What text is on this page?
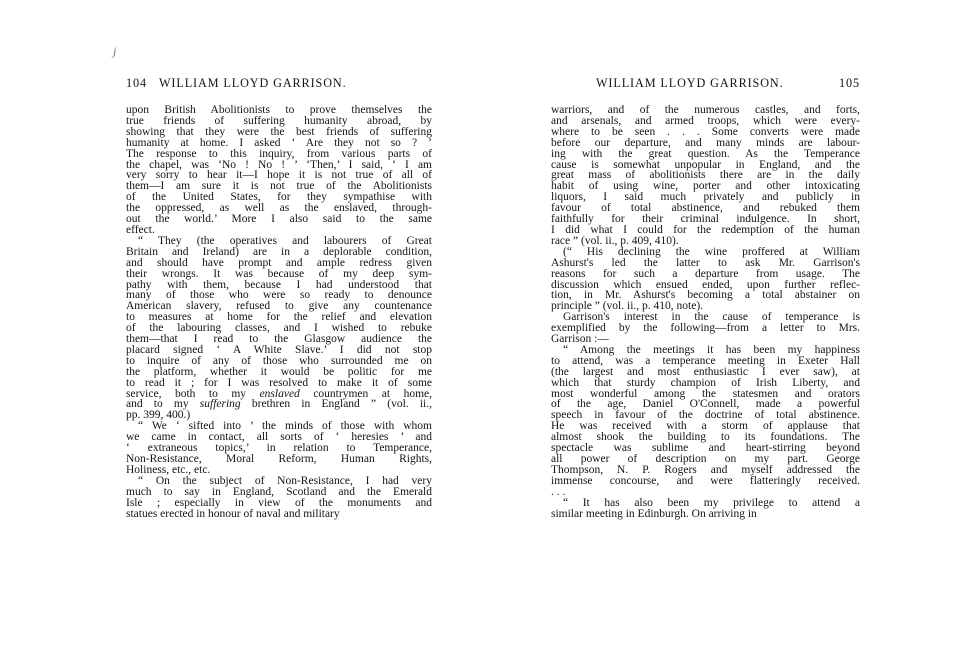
j
104 WILLIAM LLOYD GARRISON.

upon British Abolitionists to prove themselves the
true friends of suffering humanity abroad, by
showing that they were the best friends of suffering
humanity at home. I asked ‘ Are they not so ? ’
The response to this inquiry, from various parts of
the chapel, was ‘No ! No ! ’ ‘Then,’ I said, ‘ I am
very sorry to hear it—I hope it is not true of all of
them—I am sure it is not true of the Abolitionists
of the United States, for they sympathise with
the oppressed, as well as the enslaved, through-
out the world.’ More I also said to the same
effect.

“ They (the operatives and labourers of Great
Britain and Ireland) are in a deplorable condition,
and should have prompt and ample redress given
their wrongs. It was because of my deep sym-
pathy with them, because I had understood that
many of those who were so ready to denounce
American slavery, refused to give any countenance
to measures at home for the relief and elevation
of the labouring classes, and I wished to rebuke
them—that I read to the Glasgow audience the
placard signed ‘ A White Slave.’ I did not stop
to inquire of any of those who surrounded me on
the platform, whether it would be politic for me
to read it ; for I was resolved to make it of some
service, both to my enslaved countrymen at home,
and to my suffering brethren in England ” (vol. ii.,
pp. 399, 400.)

“ We ‘ sifted into ’ the minds of those with whom
we came in contact, all sorts of ‘ heresies ’ and
‘ extraneous topics,’ in relation to Temperance,
Non-Resistance, Moral Reform, Human Rights,
Holiness, etc., etc.

“ On the subject of Non-Resistance, I had very
much to say in England, Scotland and the Emerald
Isle ; especially in view of the monuments and
statues erected in honour of naval and military

WILLIAM LLOYD GARRISON.	105

warriors, and of the numerous castles, and forts,
and arsenals, and armed troops, which were every-
where to be seen . . . Some converts were made
before our departure, and many minds are labour-
ing with the great question. As the Temperance
cause is somewhat unpopular in England, and the
great mass of abolitionists there are in the daily
habit of using wine, porter and other intoxicating
liquors, I said much privately and publicly in
favour of total abstinence, and rebuked them
faithfully for their criminal indulgence. In short,
I did what I could for the redemption of the human
race ” (vol. ii., p. 409, 410).

(“ His declining the wine proffered at William
Ashurst's led the latter to ask Mr. Garrison's
reasons for such a departure from usage. The
discussion which ensued ended, upon further reflec-
tion, in Mr. Ashurst's becoming a total abstainer on
principle ” (vol. ii., p. 410, note).

Garrison's interest in the cause of temperance is
exemplified by the following—from a letter to Mrs.
Garrison :—

“ Among the meetings it has been my happiness
to attend, was a temperance meeting in Exeter Hall
(the largest and most enthusiastic I ever saw), at
which that sturdy champion of Irish Liberty, and
most wonderful among the statesmen and orators
of the age, Daniel O'Connell, made a powerful
speech in favour of the doctrine of total abstinence.
He was received with a storm of applause that
almost shook the building to its foundations. The
spectacle was sublime and heart-stirring beyond
all power of description on my part. George
Thompson, N. P. Rogers and myself addressed the
immense concourse, and were flatteringly received.
. . .

“ It has also been my privilege to attend a
similar meeting in Edinburgh. On arriving in
